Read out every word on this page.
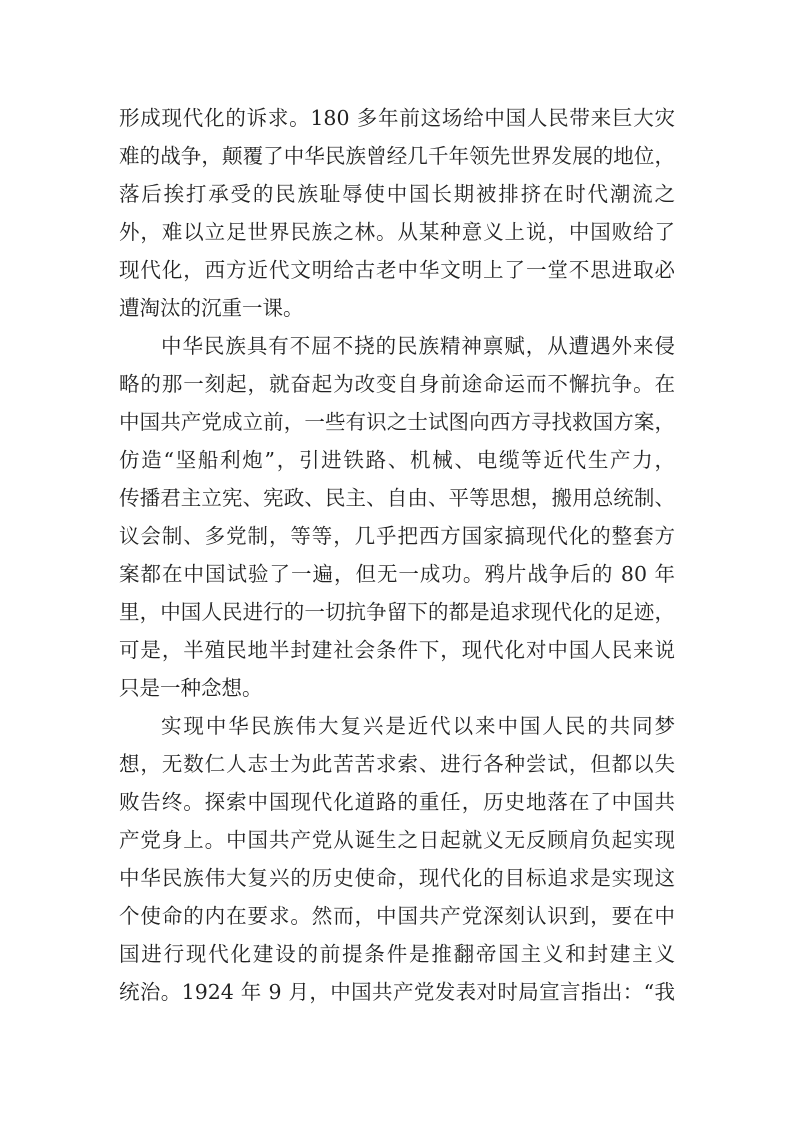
形成现代化的诉求。180 多年前这场给中国人民带来巨大灾
难的战争，颠覆了中华民族曾经几千年领先世界发展的地位，
落后挨打承受的民族耻辱使中国长期被排挤在时代潮流之
外，难以立足世界民族之林。从某种意义上说，中国败给了
现代化，西方近代文明给古老中华文明上了一堂不思进取必
遭淘汰的沉重一课。
中华民族具有不屈不挠的民族精神禀赋，从遭遇外来侵
略的那一刻起，就奋起为改变自身前途命运而不懈抗争。在
中国共产党成立前，一些有识之士试图向西方寻找救国方案，
仿造“坚船利炮”，引进铁路、机械、电缆等近代生产力，
传播君主立宪、宪政、民主、自由、平等思想，搬用总统制、
议会制、多党制，等等，几乎把西方国家搞现代化的整套方
案都在中国试验了一遍，但无一成功。鸦片战争后的 80 年
里，中国人民进行的一切抗争留下的都是追求现代化的足迹，
可是，半殖民地半封建社会条件下，现代化对中国人民来说
只是一种念想。
实现中华民族伟大复兴是近代以来中国人民的共同梦
想，无数仁人志士为此苦苦求索、进行各种尝试，但都以失
败告终。探索中国现代化道路的重任，历史地落在了中国共
产党身上。中国共产党从诞生之日起就义无反顾肩负起实现
中华民族伟大复兴的历史使命，现代化的目标追求是实现这
个使命的内在要求。然而，中国共产党深刻认识到，要在中
国进行现代化建设的前提条件是推翻帝国主义和封建主义
统治。1924 年 9 月，中国共产党发表对时局宣言指出：“我
